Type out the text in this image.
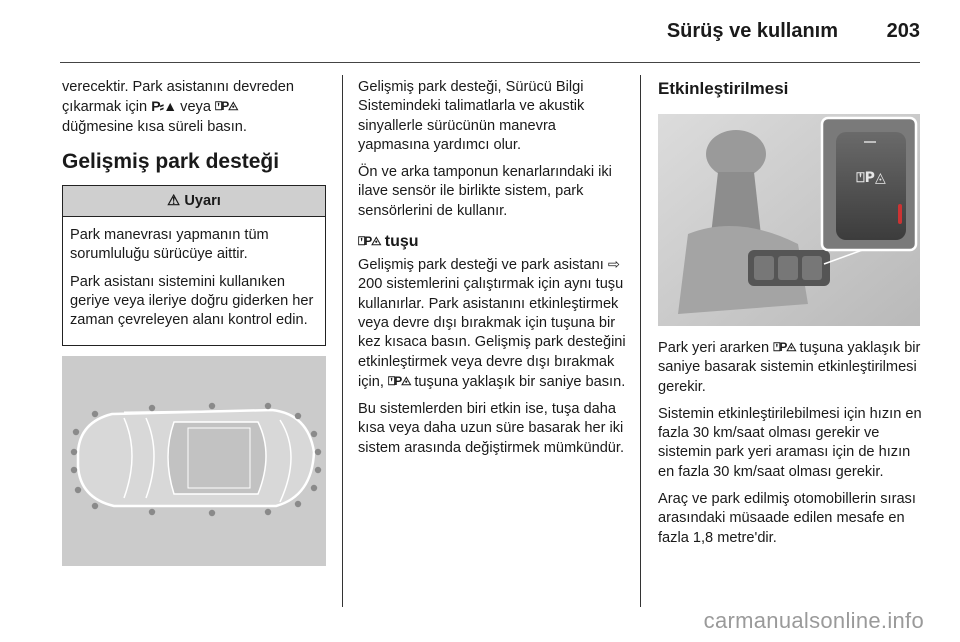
Sürüş ve kullanım 203
verecektir. Park asistanını devreden
çıkarmak için P⸗▲ veya ⍞P◬
düğmesine kısa süreli basın.
Gelişmiş park desteği
⚠ Uyarı

Park manevrası yapmanın tüm sorumluluğu sürücüye aittir.

Park asistanı sistemini kullanıken geriye veya ileriye doğru giderken her zaman çevreleyen alanı kontrol edin.

Gelişmiş park desteği, Sürücü Bilgi Sistemindeki talimatlarla ve akustik sinyallerle sürücünün manevra yapmasına yardımcı olur.

Ön ve arka tamponun kenarlarındaki iki ilave sensör ile birlikte sistem, park sensörlerini de kullanır.

⍞P◬ tuşu

Gelişmiş park desteği ve park asistanı ⇨ 200 sistemlerini çalıştırmak için aynı tuşu kullanırlar. Park asistanını etkinleştirmek veya devre dışı bırakmak için tuşuna bir kez kısaca basın. Gelişmiş park desteğini etkinleştirmek veya devre dışı bırakmak için, ⍞P◬ tuşuna yaklaşık bir saniye basın.

Bu sistemlerden biri etkin ise, tuşa daha kısa veya daha uzun süre basarak her iki sistem arasında değiştirmek mümkündür.

Etkinleştirilmesi
⍞P◬

Park yeri ararken ⍞P◬ tuşuna yaklaşık bir saniye basarak sistemin etkinleştirilmesi gerekir.

Sistemin etkinleştirilebilmesi için hızın en fazla 30 km/saat olması gerekir ve sistemin park yeri araması için de hızın en fazla 30 km/saat olması gerekir.

Araç ve park edilmiş otomobillerin sırası arasındaki müsaade edilen mesafe en fazla 1,8 metre'dir.

carmanualsonline.info
